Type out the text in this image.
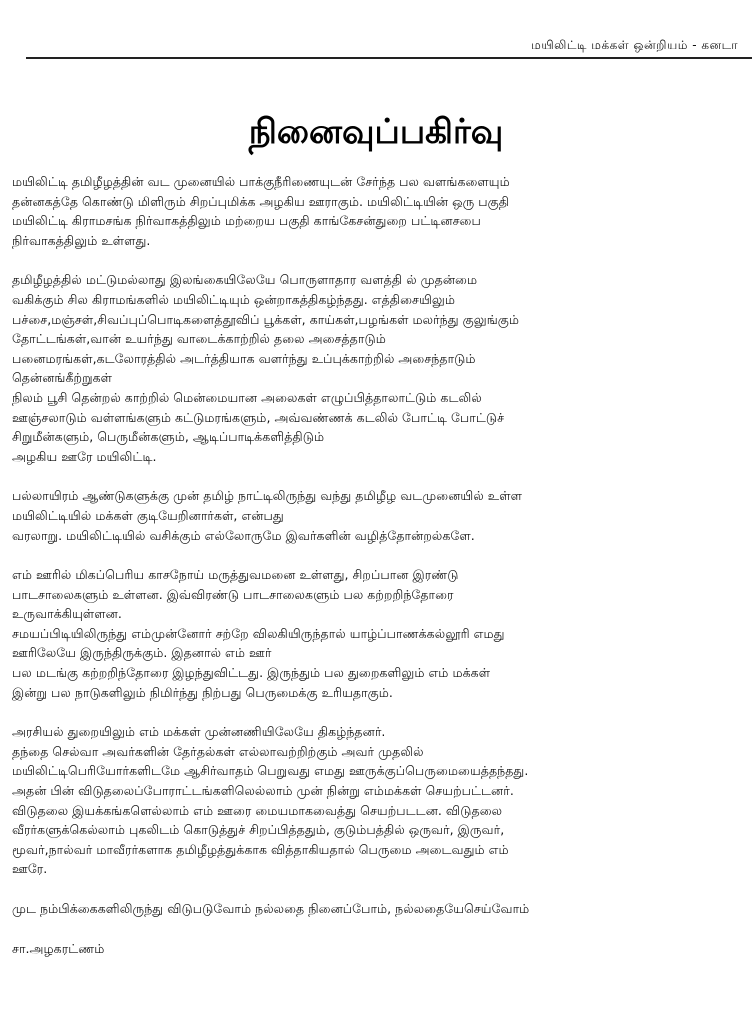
மயிலிட்டி மக்கள் ஒன்றியம் - கனடா
நினைவுப்பகிர்வு
மயிலிட்டி தமிழீழத்தின் வட முனையில் பாக்குநீரிணையுடன் சேர்ந்த பல வளங்களையும்
தன்னகத்தே கொண்டு மிளிரும் சிறப்புமிக்க அழகிய ஊராகும். மயிலிட்டியின் ஒரு பகுதி
மயிலிட்டி கிராமசங்க நிர்வாகத்திலும் மற்றைய பகுதி காங்கேசன்துறை பட்டினசபை
நிர்வாகத்திலும் உள்ளது.
தமிழீழத்தில் மட்டுமல்லாது இலங்கையிலேயே பொருளாதார வளத்தி ல் முதன்மை
வகிக்கும் சில கிராமங்களில் மயிலிட்டியும் ஒன்றாகத்திகழ்ந்தது. எத்திசையிலும்
பச்சை,மஞ்சள்,சிவப்புப்பொடிகளைத்தூவிப் பூக்கள், காய்கள்,பழங்கள் மலர்ந்து குலுங்கும்
தோட்டங்கள்,வான் உயர்ந்து வாடைக்காற்றில் தலை அசைத்தாடும்
பனைமரங்கள்,கடலோரத்தில் அடர்த்தியாக வளர்ந்து உப்புக்காற்றில் அசைந்தாடும்
தென்னங்கீற்றுகள்
நிலம் பூசி தென்றல் காற்றில் மென்மையான அலைகள் எழுப்பித்தாலாட்டும் கடலில்
ஊஞ்சலாடும் வள்ளங்களும் கட்டுமரங்களும், அவ்வண்ணக் கடலில் போட்டி போட்டுச்
சிறுமீன்களும், பெருமீன்களும், ஆடிப்பாடிக்களித்திடும்
அழகிய ஊரே மயிலிட்டி.
பல்லாயிரம் ஆண்டுகளுக்கு முன் தமிழ் நாட்டிலிருந்து வந்து தமிழீழ வடமுனையில் உள்ள
மயிலிட்டியில் மக்கள் குடியேறினார்கள், என்பது
வரலாறு. மயிலிட்டியில் வசிக்கும் எல்லோருமே இவர்களின் வழித்தோன்றல்களே.
எம் ஊரில் மிகப்பெரிய காசநோய் மருத்துவமனை உள்ளது, சிறப்பான இரண்டு
பாடசாலைகளும் உள்ளன. இவ்விரண்டு பாடசாலைகளும் பல கற்றறிந்தோரை
உருவாக்கியுள்ளன.
சமயப்பிடியிலிருந்து எம்முன்னோர் சற்றே விலகியிருந்தால் யாழ்ப்பாணக்கல்லூரி எமது
ஊரிலேயே இருந்திருக்கும். இதனால் எம் ஊர்
பல மடங்கு கற்றறிந்தோரை இழந்துவிட்டது. இருந்தும் பல துறைகளிலும் எம் மக்கள்
இன்று பல நாடுகளிலும் நிமிர்ந்து நிற்பது பெருமைக்கு உரியதாகும்.
அரசியல் துறையிலும் எம் மக்கள் முன்னணியிலேயே திகழ்ந்தனர்.
தந்தை செல்வா அவர்களின் தேர்தல்கள் எல்லாவற்றிற்கும் அவர் முதலில்
மயிலிட்டிபெரியோர்களிடமே ஆசிர்வாதம் பெறுவது எமது ஊருக்குப்பெருமையைத்தந்தது.
அதன் பின் விடுதலைப்போராட்டங்களிலெல்லாம் முன் நின்று எம்மக்கள் செயற்பட்டனர்.
விடுதலை இயக்கங்களெல்லாம் எம் ஊரை மையமாகவைத்து செயற்படடன. விடுதலை
வீரர்களுக்கெல்லாம் புகலிடம் கொடுத்துச் சிறப்பித்ததும், குடும்பத்தில் ஒருவர், இருவர்,
மூவர்,நால்வர் மாவீரர்களாக தமிழீழத்துக்காக வித்தாகியதால் பெருமை அடைவதும் எம்
ஊரே.
முட நம்பிக்கைகளிலிருந்து விடுபடுவோம் நல்லதை நினைப்போம், நல்லதையேசெய்வோம்
சா.அழகரட்ணம்
